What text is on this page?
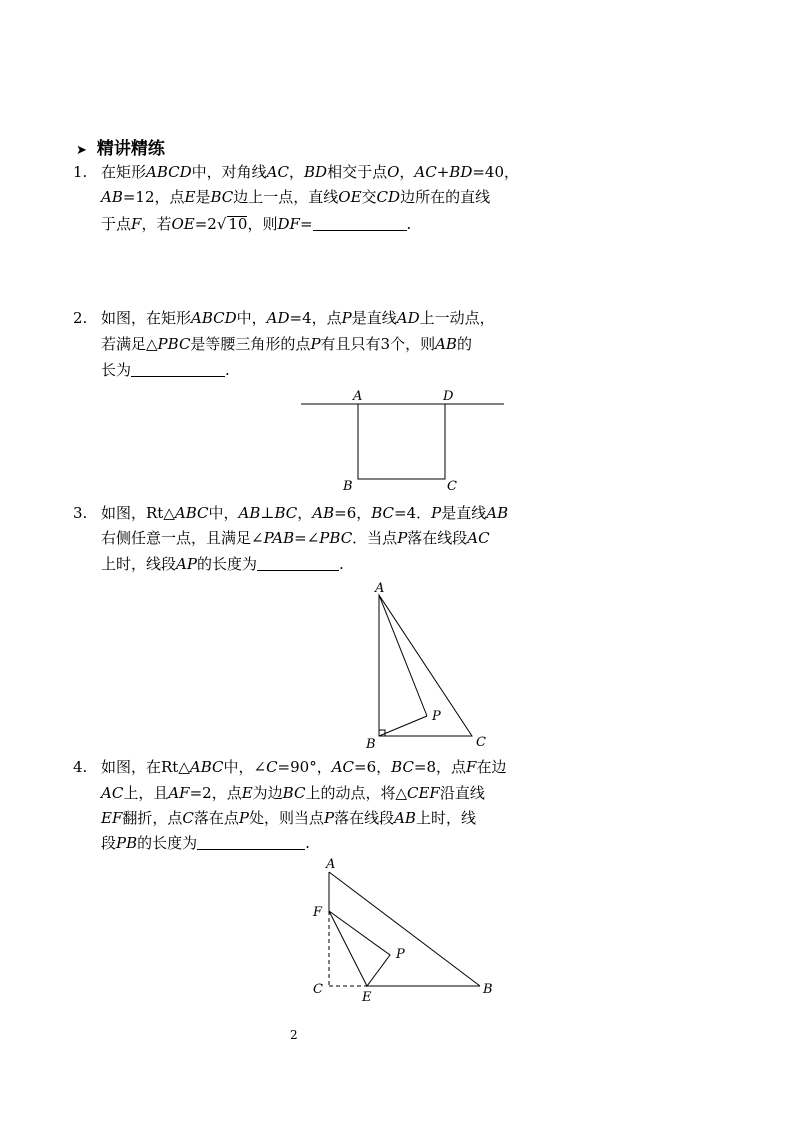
➤ 精讲精练
1. 在矩形ABCD中，对角线AC，BD相交于点O，AC+BD=40，
AB=12，点E是BC边上一点，直线OE交CD边所在的直线
于点F，若OE=2√ 10，则DF=	.
2. 如图，在矩形ABCD中，AD=4，点P是直线AD上一动点，
若满足△PBC是等腰三角形的点P有且只有3个，则AB的
长为	.
A	D
B	C
3. 如图，Rt△ABC中，AB⊥BC，AB=6，BC=4．P是直线AB
右侧任意一点，且满足∠PAB=∠PBC．当点P落在线段AC
上时，线段AP的长度为	.
A
P
B	C
4. 如图，在Rt△ABC中，∠C=90°，AC=6，BC=8，点F在边
AC上，且AF=2，点E为边BC上的动点，将△CEF沿直线
EF翻折，点C落在点P处，则当点P落在线段AB上时，线
段PB的长度为	.
A
F
P
C
E
B
2
